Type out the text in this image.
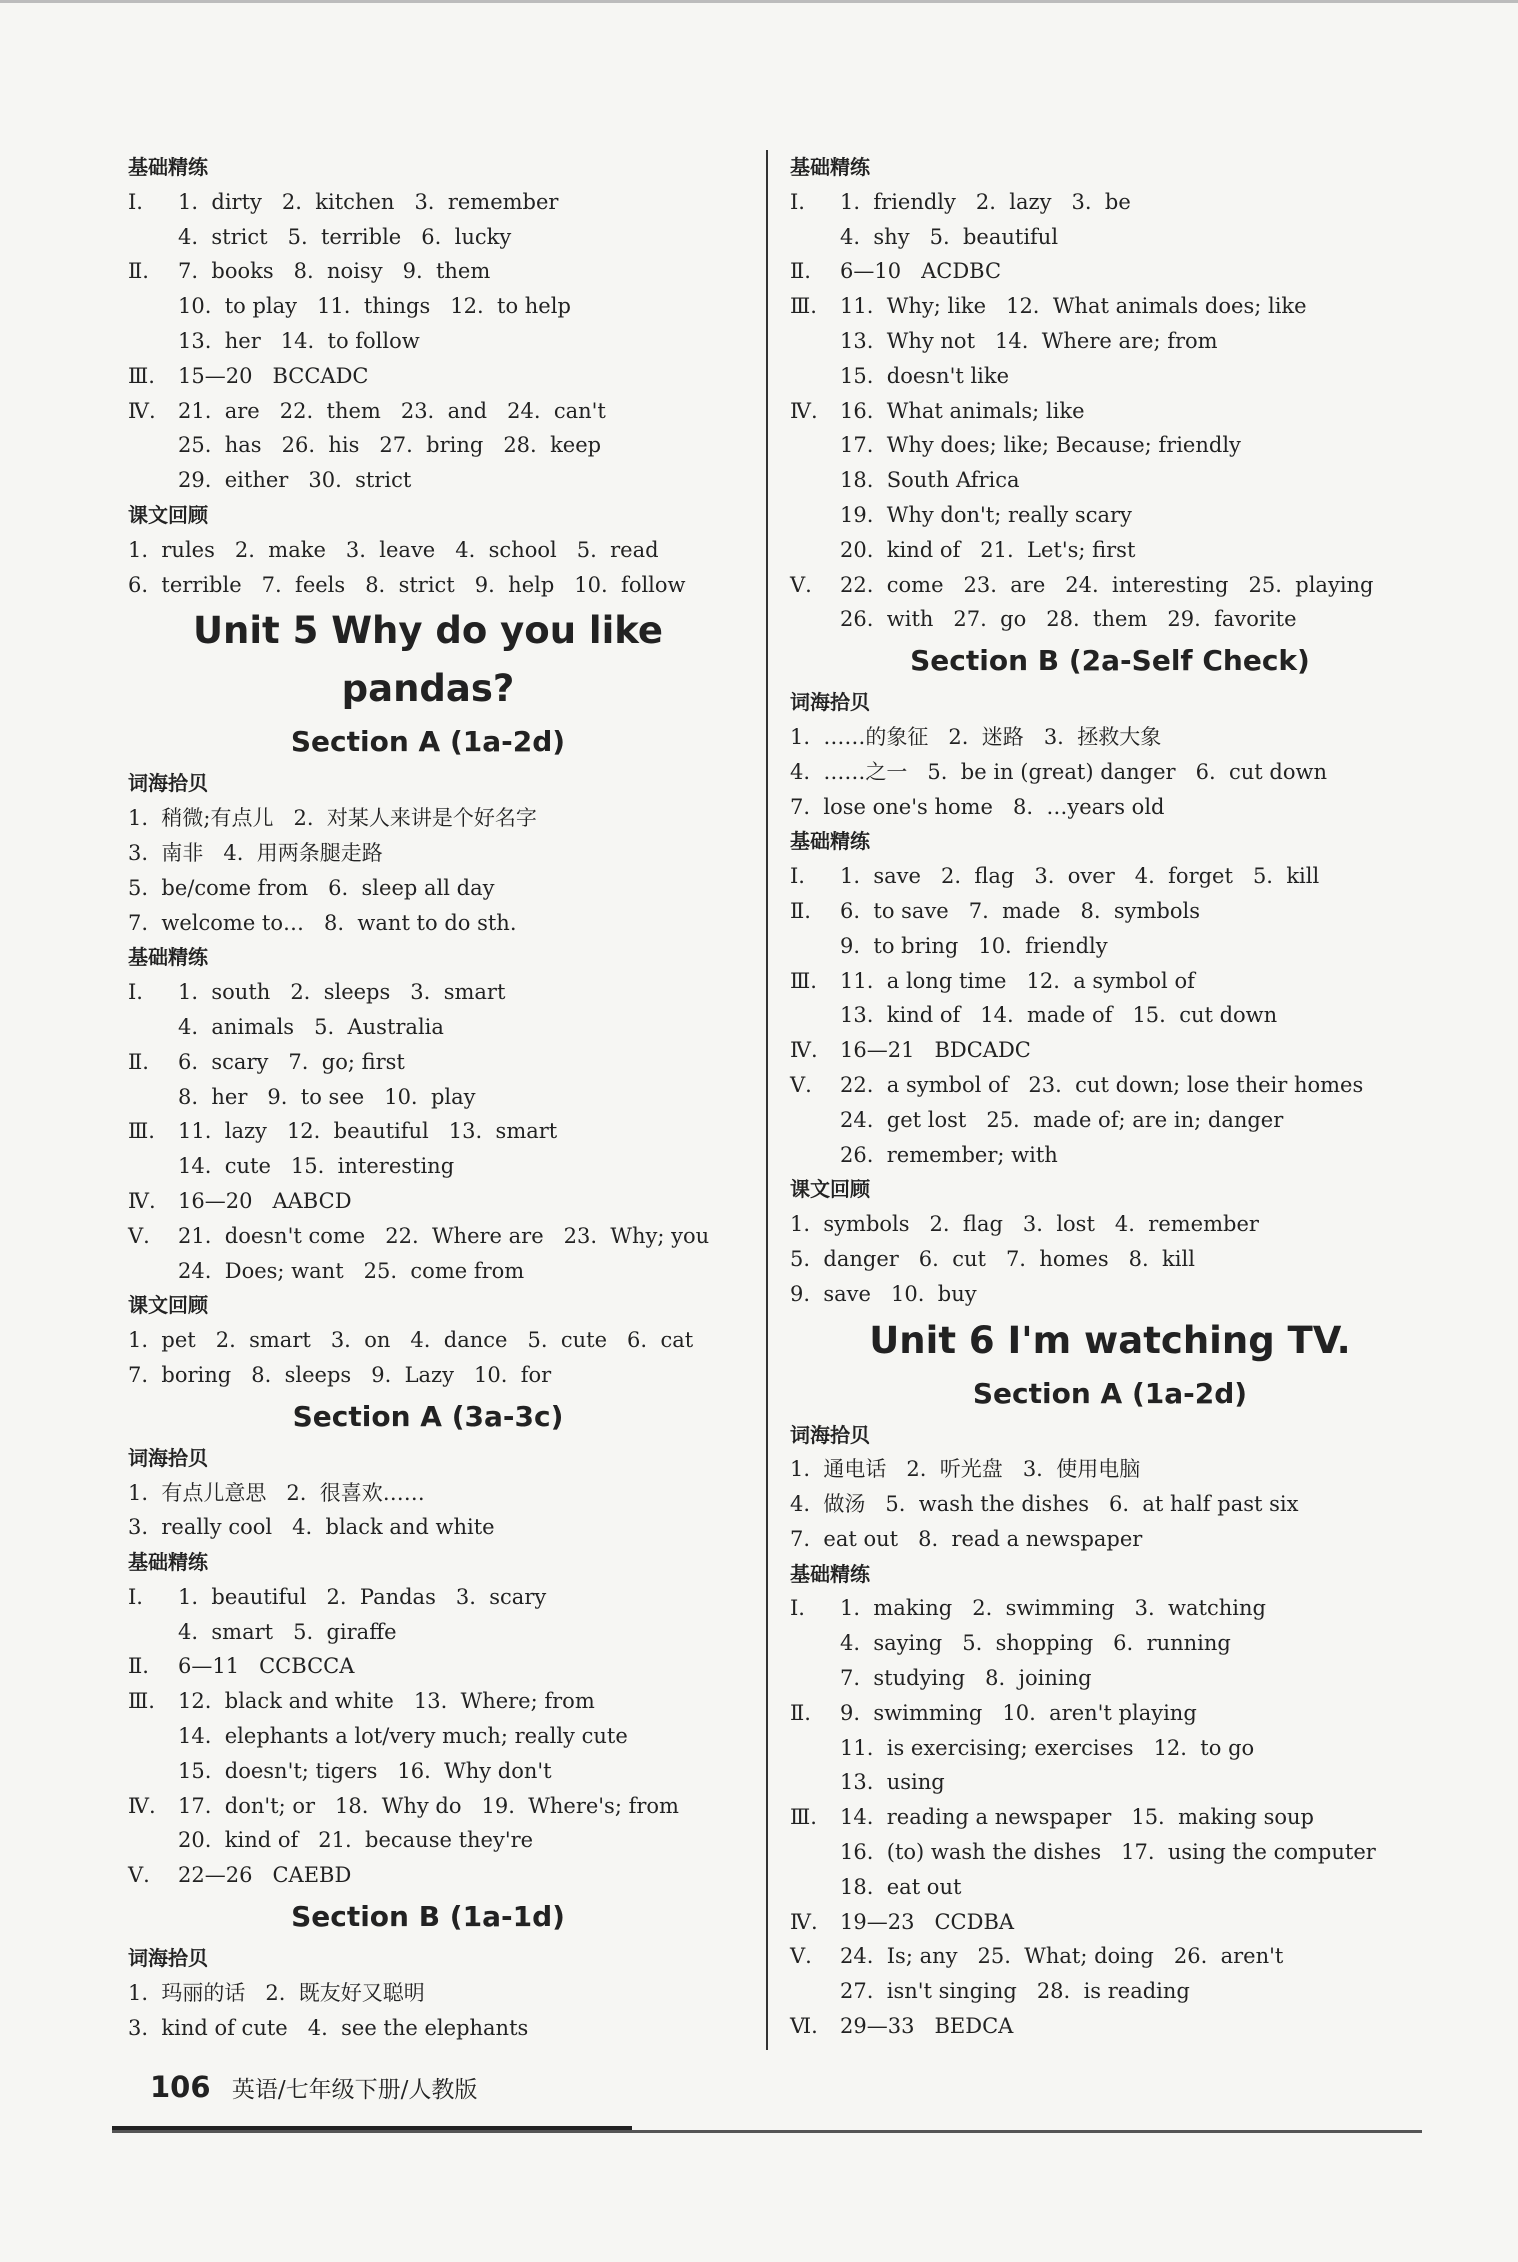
基础精练
Ⅰ. 1.  dirty   2.  kitchen   3.  remember
4.  strict   5.  terrible   6.  lucky
Ⅱ. 7.  books   8.  noisy   9.  them
10.  to play   11.  things   12.  to help
13.  her   14.  to follow
Ⅲ. 15—20   BCCADC
Ⅳ. 21.  are   22.  them   23.  and   24.  can't
25.  has   26.  his   27.  bring   28.  keep
29.  either   30.  strict
课文回顾
1.  rules   2.  make   3.  leave   4.  school   5.  read
6.  terrible   7.  feels   8.  strict   9.  help   10.  follow
Unit 5 Why do you like
pandas?
Section A (1a-2d)
词海拾贝
1.  稍微;有点儿   2.  对某人来讲是个好名字
3.  南非   4.  用两条腿走路
5.  be/come from   6.  sleep all day
7.  welcome to…   8.  want to do sth.
基础精练
Ⅰ. 1.  south   2.  sleeps   3.  smart
4.  animals   5.  Australia
Ⅱ. 6.  scary   7.  go; first
8.  her   9.  to see   10.  play
Ⅲ. 11.  lazy   12.  beautiful   13.  smart
14.  cute   15.  interesting
Ⅳ. 16—20   AABCD
Ⅴ. 21.  doesn't come   22.  Where are   23.  Why; you
24.  Does; want   25.  come from
课文回顾
1.  pet   2.  smart   3.  on   4.  dance   5.  cute   6.  cat
7.  boring   8.  sleeps   9.  Lazy   10.  for
Section A (3a-3c)
词海拾贝
1.  有点儿意思   2.  很喜欢……
3.  really cool   4.  black and white
基础精练
Ⅰ. 1.  beautiful   2.  Pandas   3.  scary
4.  smart   5.  giraffe
Ⅱ. 6—11   CCBCCA
Ⅲ. 12.  black and white   13.  Where; from
14.  elephants a lot/very much; really cute
15.  doesn't; tigers   16.  Why don't
Ⅳ. 17.  don't; or   18.  Why do   19.  Where's; from
20.  kind of   21.  because they're
Ⅴ. 22—26   CAEBD
Section B (1a-1d)
词海拾贝
1.  玛丽的话   2.  既友好又聪明
3.  kind of cute   4.  see the elephants
基础精练
Ⅰ. 1.  friendly   2.  lazy   3.  be
4.  shy   5.  beautiful
Ⅱ. 6—10   ACDBC
Ⅲ. 11.  Why; like   12.  What animals does; like
13.  Why not   14.  Where are; from
15.  doesn't like
Ⅳ. 16.  What animals; like
17.  Why does; like; Because; friendly
18.  South Africa
19.  Why don't; really scary
20.  kind of   21.  Let's; first
Ⅴ. 22.  come   23.  are   24.  interesting   25.  playing
26.  with   27.  go   28.  them   29.  favorite
Section B (2a-Self Check)
词海拾贝
1.  ……的象征   2.  迷路   3.  拯救大象
4.  ……之一   5.  be in (great) danger   6.  cut down
7.  lose one's home   8.  …years old
基础精练
Ⅰ. 1.  save   2.  flag   3.  over   4.  forget   5.  kill
Ⅱ. 6.  to save   7.  made   8.  symbols
9.  to bring   10.  friendly
Ⅲ. 11.  a long time   12.  a symbol of
13.  kind of   14.  made of   15.  cut down
Ⅳ. 16—21   BDCADC
Ⅴ. 22.  a symbol of   23.  cut down; lose their homes
24.  get lost   25.  made of; are in; danger
26.  remember; with
课文回顾
1.  symbols   2.  flag   3.  lost   4.  remember
5.  danger   6.  cut   7.  homes   8.  kill
9.  save   10.  buy
Unit 6 I'm watching TV.
Section A (1a-2d)
词海拾贝
1.  通电话   2.  听光盘   3.  使用电脑
4.  做汤   5.  wash the dishes   6.  at half past six
7.  eat out   8.  read a newspaper
基础精练
Ⅰ. 1.  making   2.  swimming   3.  watching
4.  saying   5.  shopping   6.  running
7.  studying   8.  joining
Ⅱ. 9.  swimming   10.  aren't playing
11.  is exercising; exercises   12.  to go
13.  using
Ⅲ. 14.  reading a newspaper   15.  making soup
16.  (to) wash the dishes   17.  using the computer
18.  eat out
Ⅳ. 19—23   CCDBA
Ⅴ. 24.  Is; any   25.  What; doing   26.  aren't
27.  isn't singing   28.  is reading
Ⅵ. 29—33   BEDCA
106 英语/七年级下册/人教版
